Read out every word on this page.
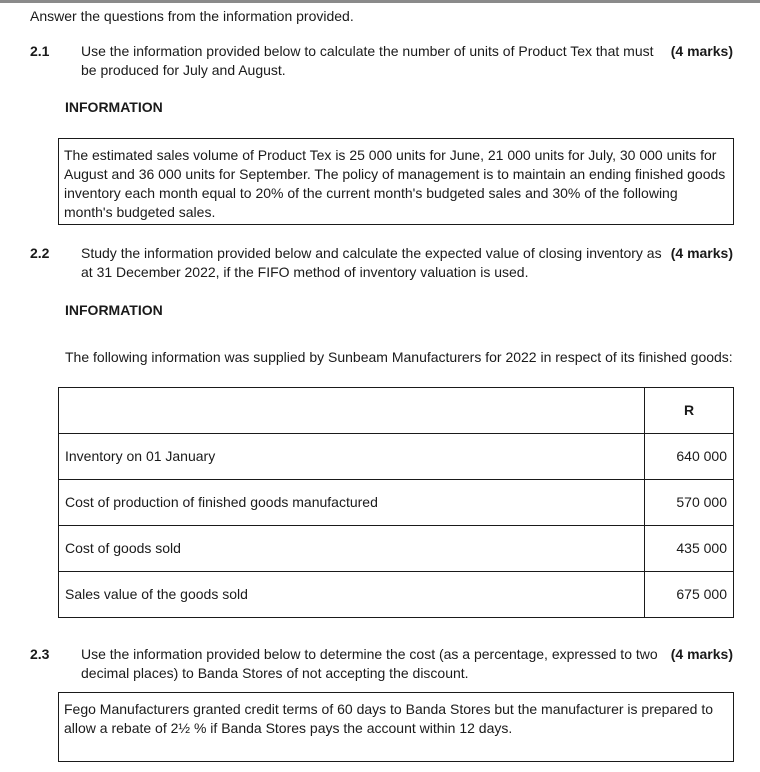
Answer the questions from the information provided.
2.1 Use the information provided below to calculate the number of units of Product Tex that must be produced for July and August.
(4 marks)
INFORMATION
The estimated sales volume of Product Tex is 25 000 units for June, 21 000 units for July, 30 000 units for August and 36 000 units for September. The policy of management is to maintain an ending finished goods inventory each month equal to 20% of the current month's budgeted sales and 30% of the following month's budgeted sales.
2.2 Study the information provided below and calculate the expected value of closing inventory as at 31 December 2022, if the FIFO method of inventory valuation is used.
(4 marks)
INFORMATION
The following information was supplied by Sunbeam Manufacturers for 2022 in respect of its finished goods:
	R
Inventory on 01 January	640 000
Cost of production of finished goods manufactured	570 000
Cost of goods sold	435 000
Sales value of the goods sold	675 000
2.3 Use the information provided below to determine the cost (as a percentage, expressed to two decimal places) to Banda Stores of not accepting the discount.
(4 marks)
Fego Manufacturers granted credit terms of 60 days to Banda Stores but the manufacturer is prepared to allow a rebate of 2½ % if Banda Stores pays the account within 12 days.
